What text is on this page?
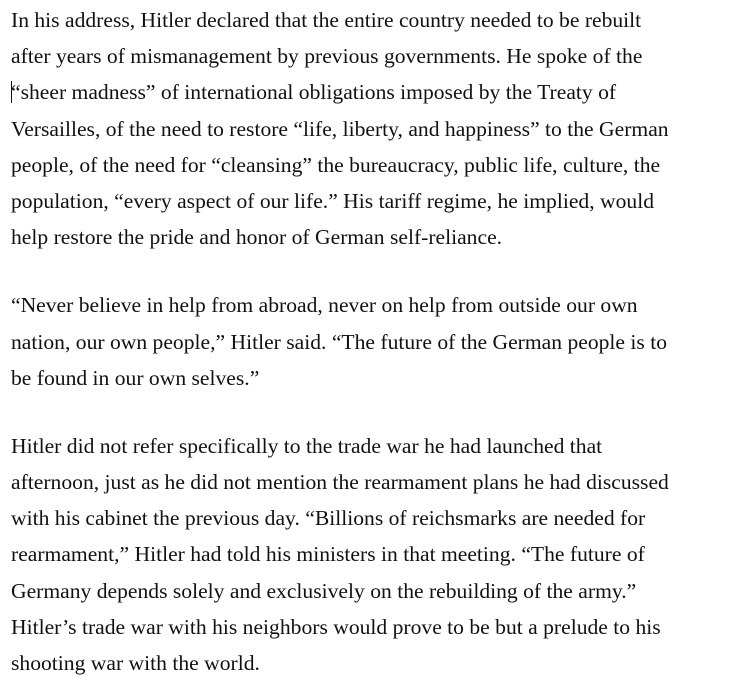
In his address, Hitler declared that the entire country needed to be rebuilt
after years of mismanagement by previous governments. He spoke of the
“sheer madness” of international obligations imposed by the Treaty of
Versailles, of the need to restore “life, liberty, and happiness” to the German
people, of the need for “cleansing” the bureaucracy, public life, culture, the
population, “every aspect of our life.” His tariff regime, he implied, would
help restore the pride and honor of German self-reliance.

“Never believe in help from abroad, never on help from outside our own
nation, our own people,” Hitler said. “The future of the German people is to
be found in our own selves.”

Hitler did not refer specifically to the trade war he had launched that
afternoon, just as he did not mention the rearmament plans he had discussed
with his cabinet the previous day. “Billions of reichsmarks are needed for
rearmament,” Hitler had told his ministers in that meeting. “The future of
Germany depends solely and exclusively on the rebuilding of the army.”
Hitler’s trade war with his neighbors would prove to be but a prelude to his
shooting war with the world.
